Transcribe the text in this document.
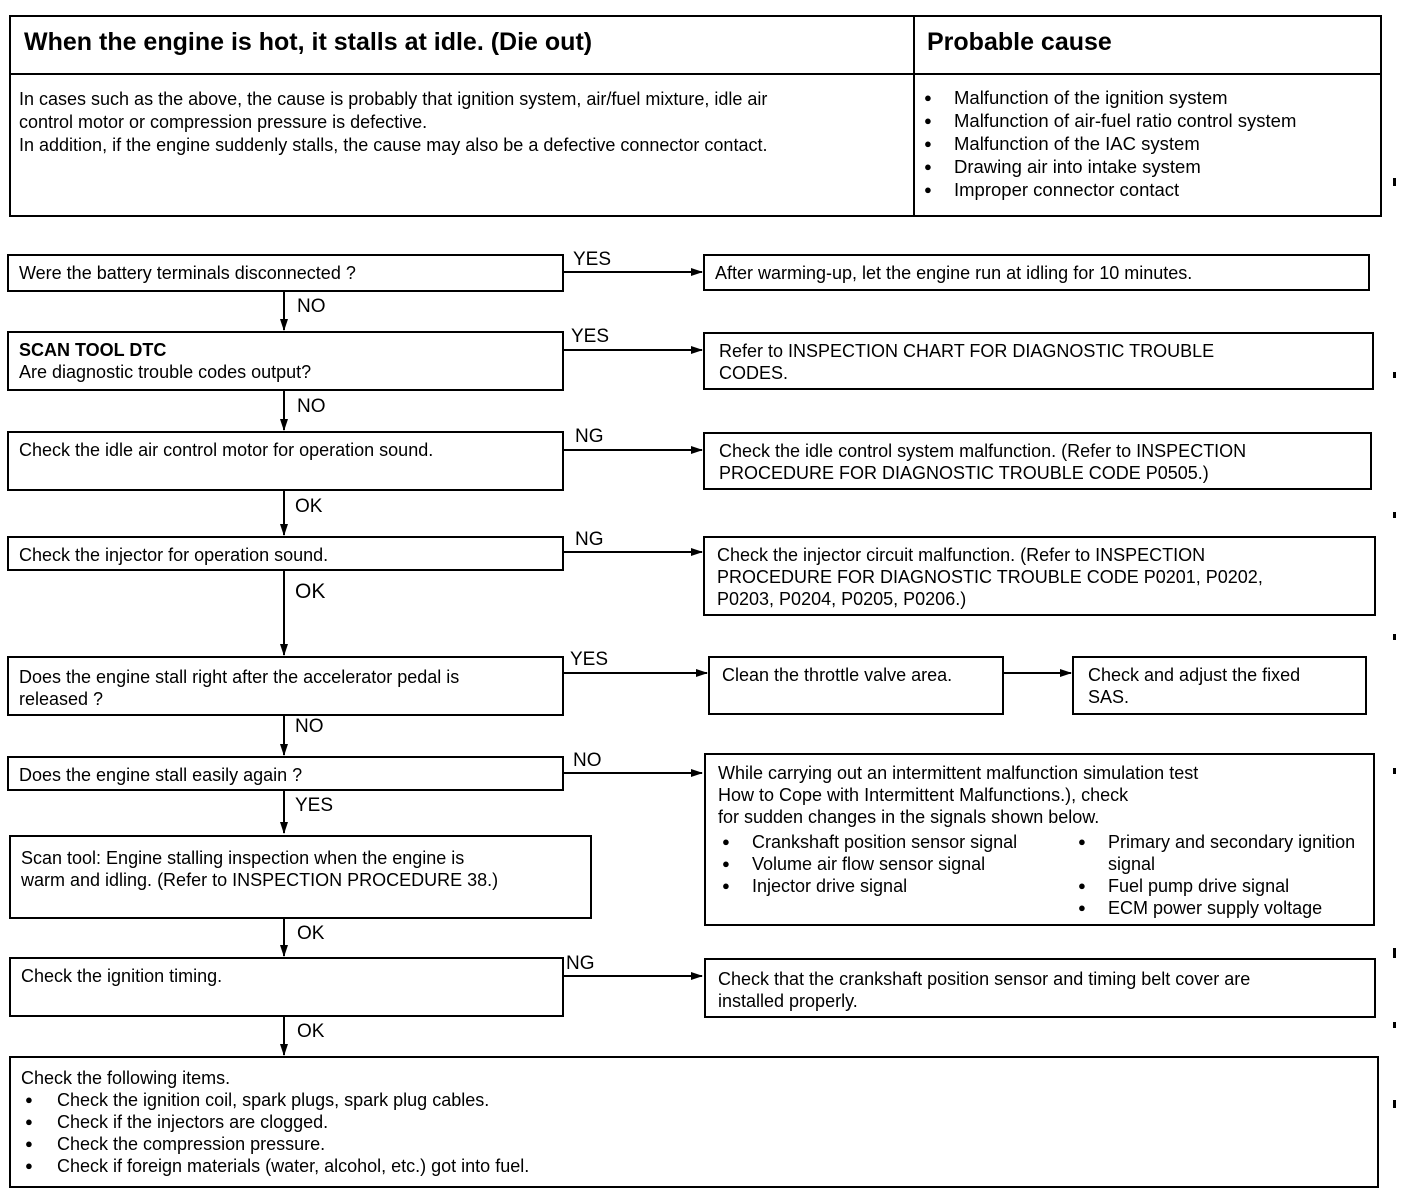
When the engine is hot, it stalls at idle. (Die out)	Probable cause
In cases such as the above, the cause is probably that ignition system, air/fuel mixture, idle air
control motor or compression pressure is defective.
In addition, if the engine suddenly stalls, the cause may also be a defective connector contact.
● Malfunction of the ignition system
● Malfunction of air-fuel ratio control system
● Malfunction of the IAC system
● Drawing air into intake system
● Improper connector contact
Were the battery terminals disconnected ?
SCAN TOOL DTC
Are diagnostic trouble codes output?
Check the idle air control motor for operation sound.
Check the injector for operation sound.
Does the engine stall right after the accelerator pedal is
released ?
Does the engine stall easily again ?
Scan tool: Engine stalling inspection when the engine is
warm and idling. (Refer to INSPECTION PROCEDURE 38.)
Check the ignition timing.
Check the following items.
● Check the ignition coil, spark plugs, spark plug cables.
● Check if the injectors are clogged.
● Check the compression pressure.
● Check if foreign materials (water, alcohol, etc.) got into fuel.
After warming-up, let the engine run at idling for 10 minutes.
Refer to INSPECTION CHART FOR DIAGNOSTIC TROUBLE
CODES.
Check the idle control system malfunction. (Refer to INSPECTION
PROCEDURE FOR DIAGNOSTIC TROUBLE CODE P0505.)
Check the injector circuit malfunction. (Refer to INSPECTION
PROCEDURE FOR DIAGNOSTIC TROUBLE CODE P0201, P0202,
P0203, P0204, P0205, P0206.)
Clean the throttle valve area.	Check and adjust the fixed
SAS.
While carrying out an intermittent malfunction simulation test
How to Cope with Intermittent Malfunctions.), check
for sudden changes in the signals shown below.
● Crankshaft position sensor signal
● Volume air flow sensor signal
● Injector drive signal
● Primary and secondary ignition signal
● Fuel pump drive signal
● ECM power supply voltage
Check that the crankshaft position sensor and timing belt cover are
installed properly.
YES
NO
YES
NO
NG
OK
NG
OK
YES
NO
NO
YES
OK
NG
OK
